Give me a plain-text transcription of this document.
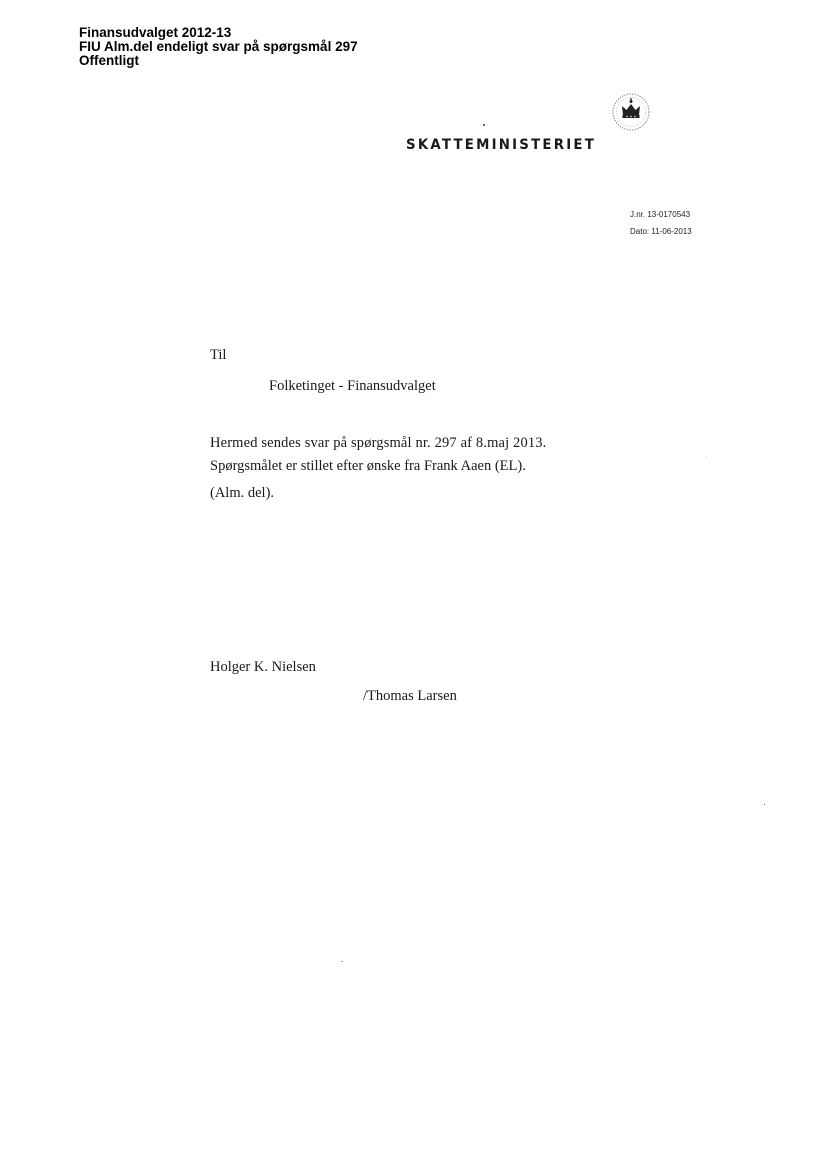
Finansudvalget 2012-13
FIU Alm.del endeligt svar på spørgsmål 297
Offentligt
SKATTEMINISTERIET
J.nr. 13-0170543
Dato: 11-06-2013
Til
Folketinget - Finansudvalget
Hermed sendes svar på spørgsmål nr. 297 af 8.maj 2013.
Spørgsmålet er stillet efter ønske fra Frank Aaen (EL).
(Alm. del).
Holger K. Nielsen
/Thomas Larsen
